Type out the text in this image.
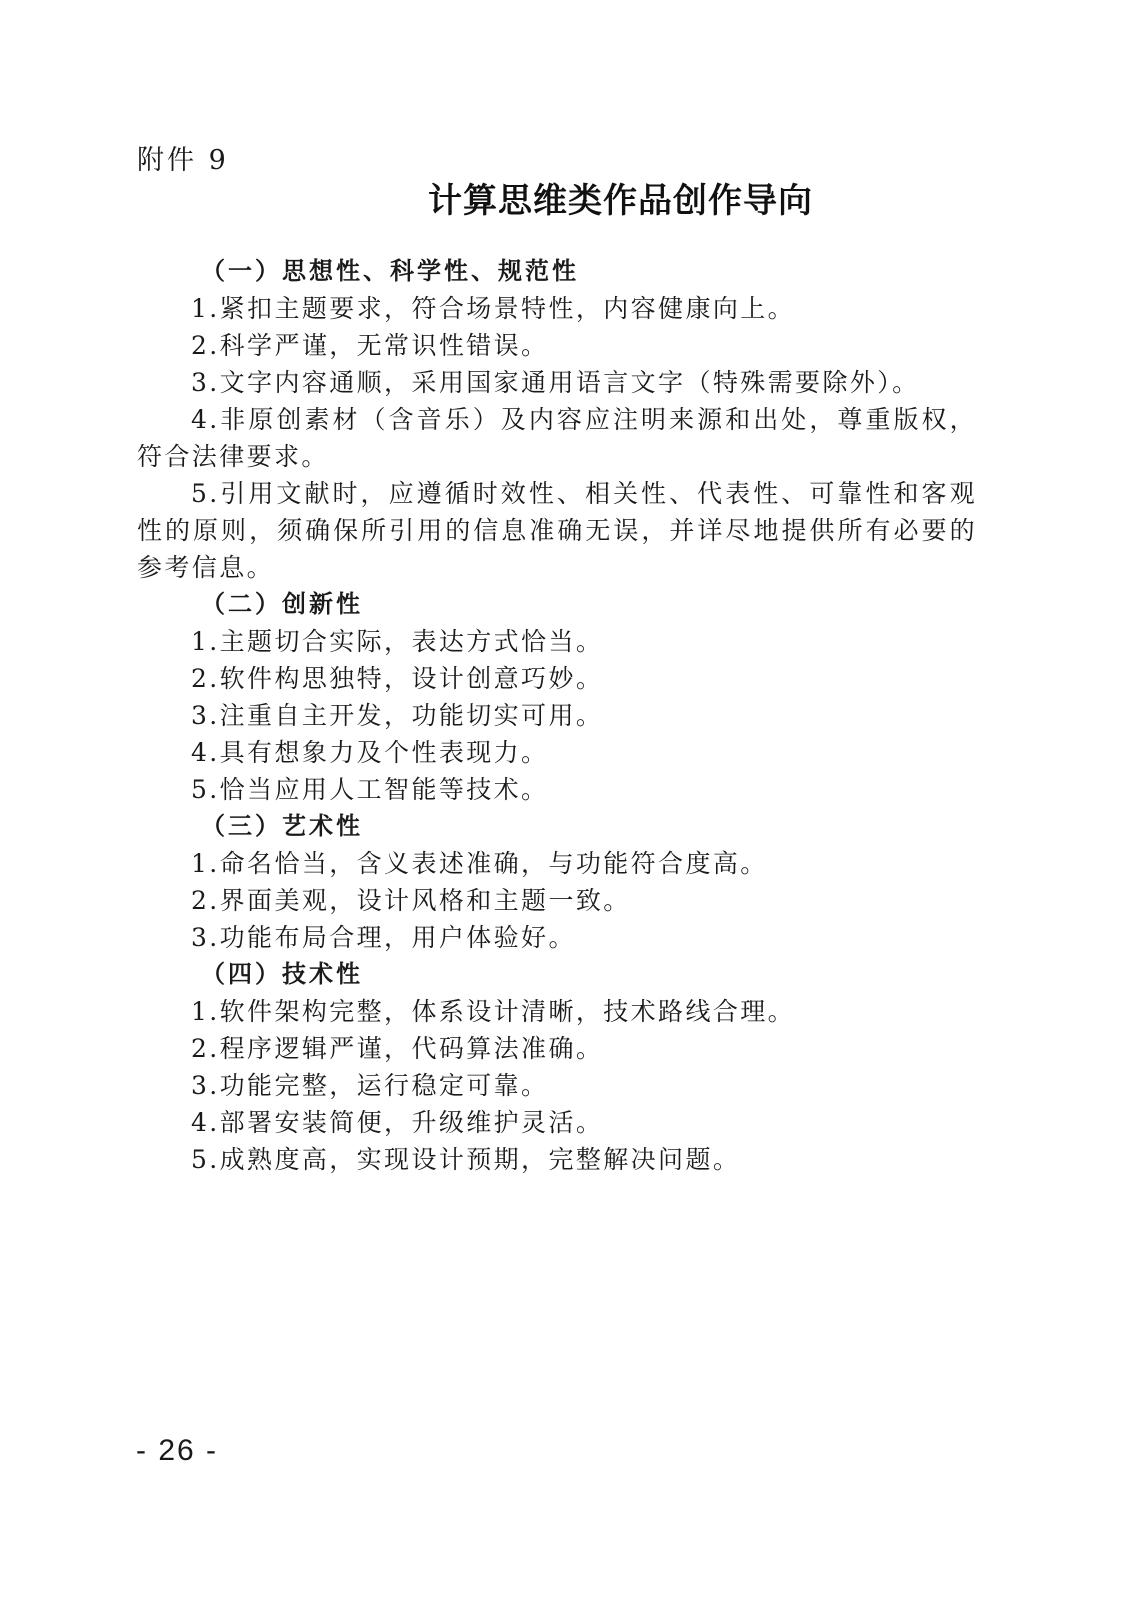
附件 9
计算思维类作品创作导向

（一）思想性、科学性、规范性

1.紧扣主题要求，符合场景特性，内容健康向上。

2.科学严谨，无常识性错误。

3.文字内容通顺，采用国家通用语言文字（特殊需要除外）。

4.非原创素材（含音乐）及内容应注明来源和出处，尊重版权，符合法律要求。

5.引用文献时，应遵循时效性、相关性、代表性、可靠性和客观性的原则，须确保所引用的信息准确无误，并详尽地提供所有必要的参考信息。

（二）创新性

1.主题切合实际，表达方式恰当。

2.软件构思独特，设计创意巧妙。

3.注重自主开发，功能切实可用。

4.具有想象力及个性表现力。

5.恰当应用人工智能等技术。

（三）艺术性

1.命名恰当，含义表述准确，与功能符合度高。

2.界面美观，设计风格和主题一致。

3.功能布局合理，用户体验好。

（四）技术性

1.软件架构完整，体系设计清晰，技术路线合理。

2.程序逻辑严谨，代码算法准确。

3.功能完整，运行稳定可靠。

4.部署安装简便，升级维护灵活。

5.成熟度高，实现设计预期，完整解决问题。

- 26 -
